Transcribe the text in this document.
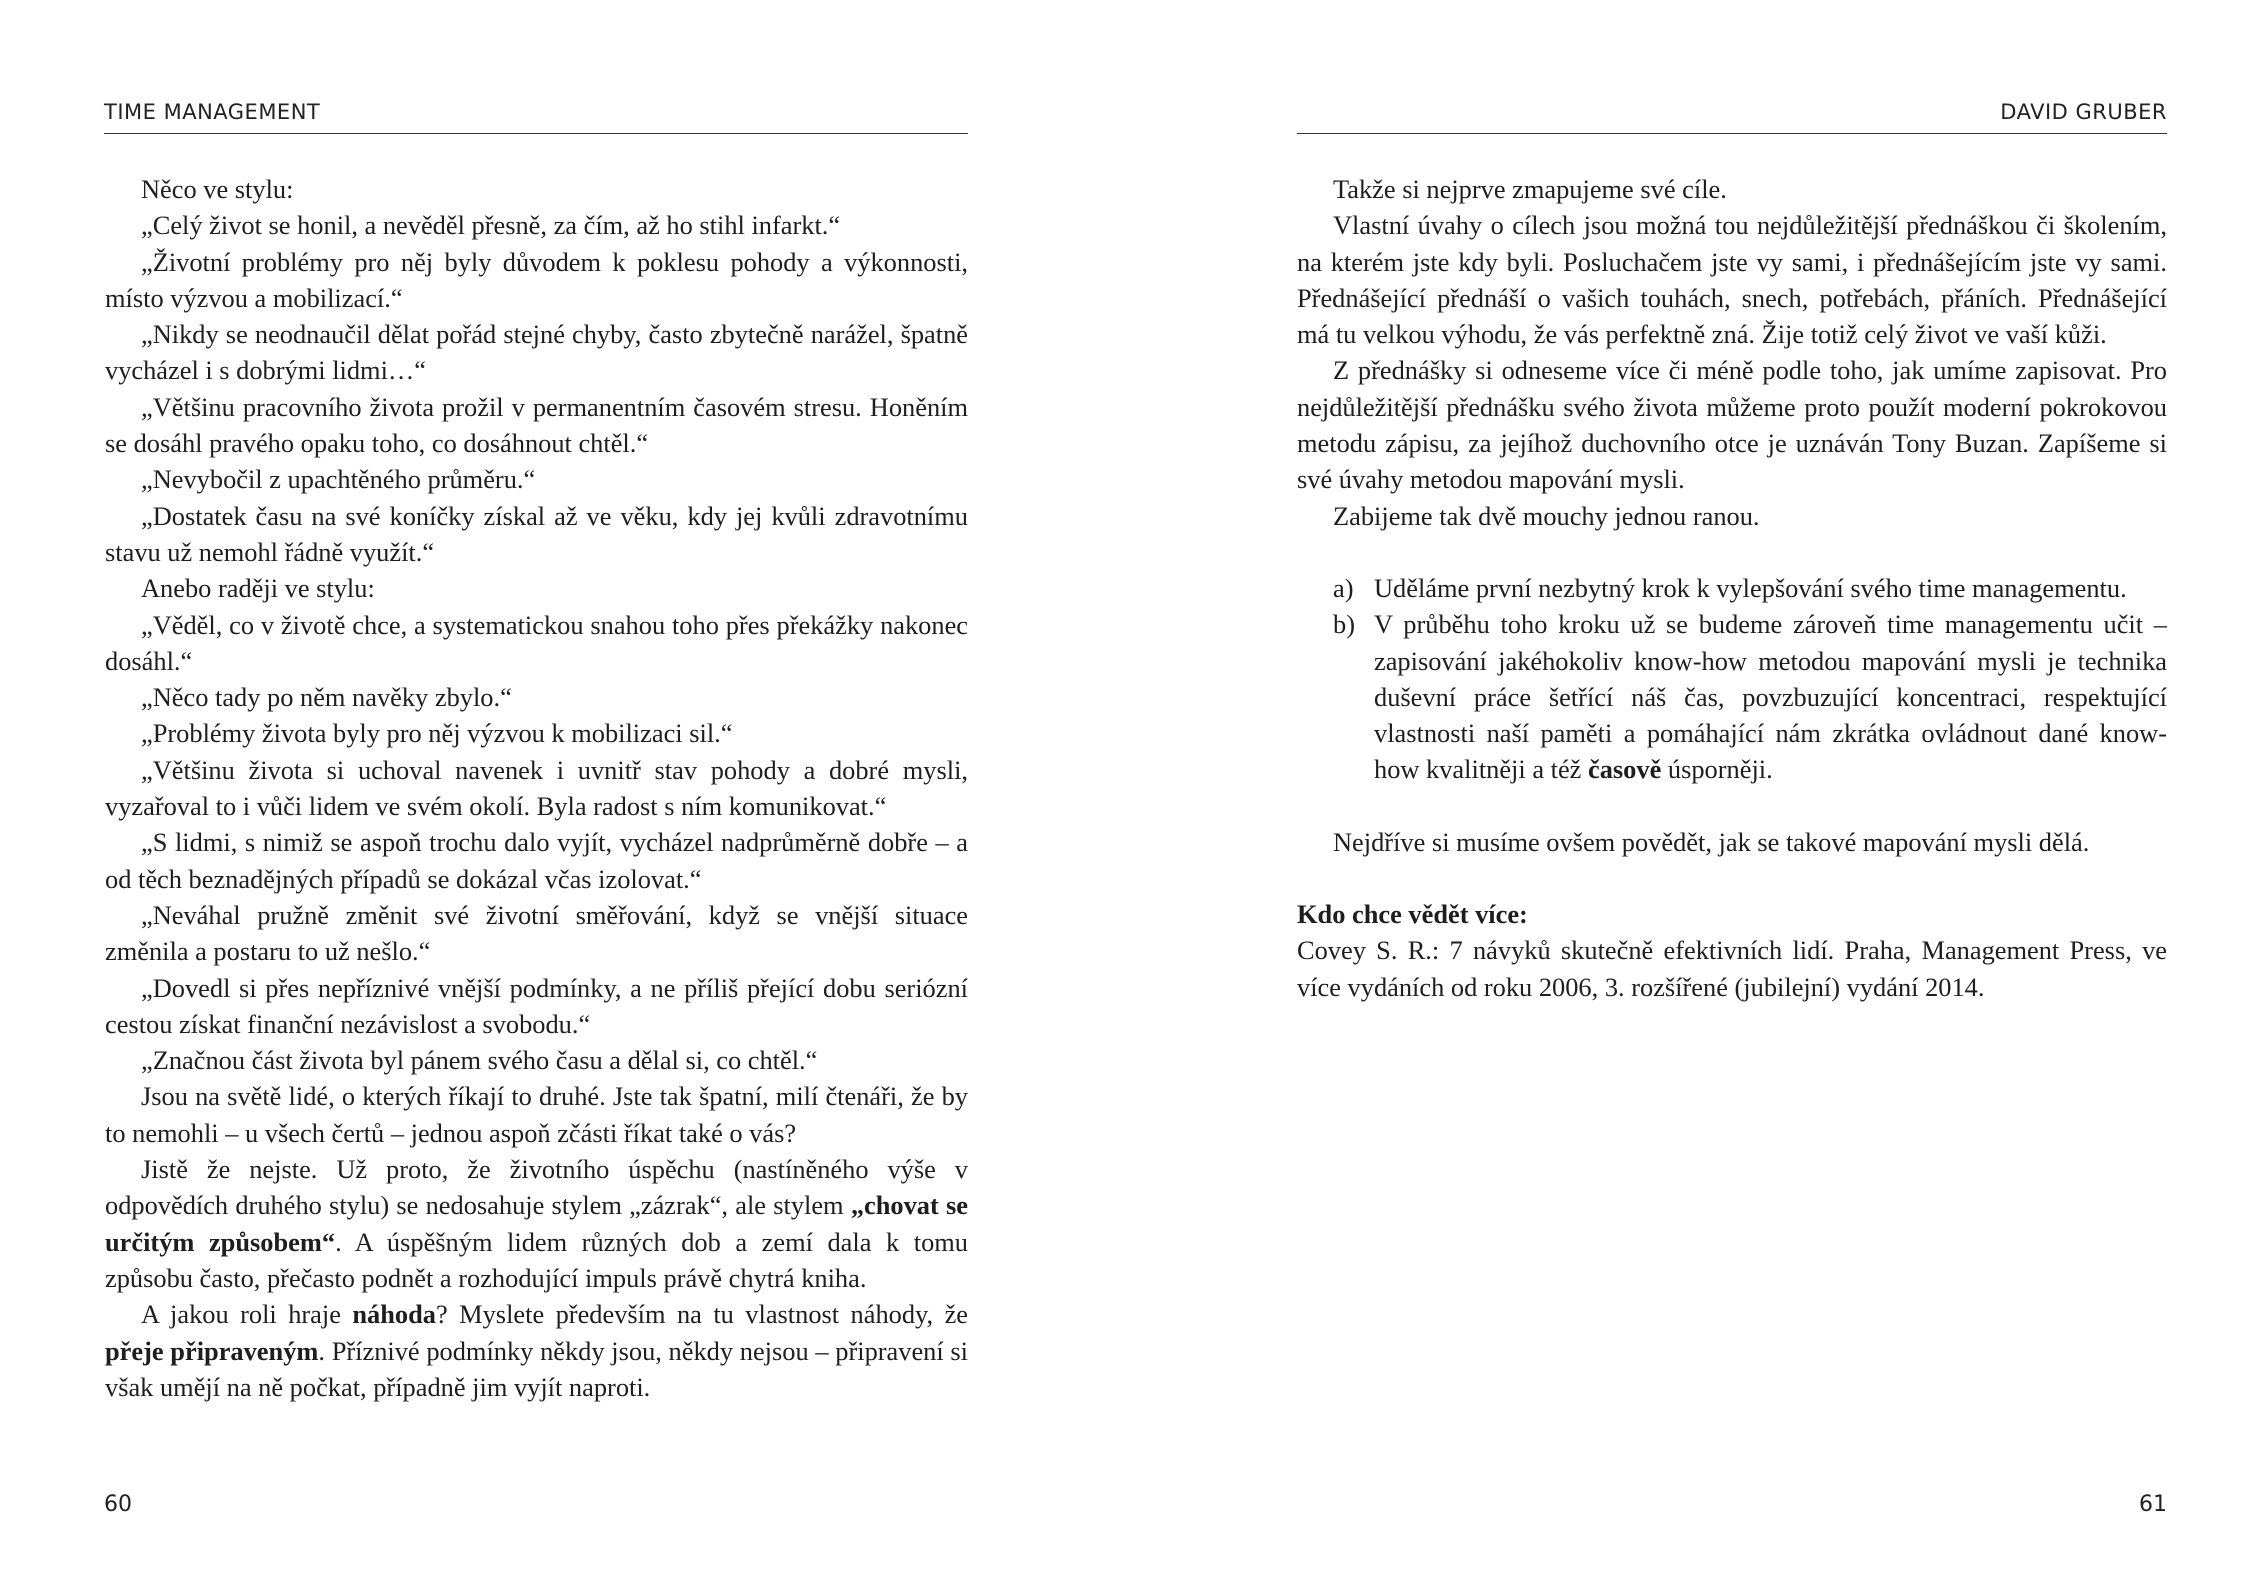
TIME MANAGEMENT

Něco ve stylu:

„Celý život se honil, a nevěděl přesně, za čím, až ho stihl infarkt.“

„Životní problémy pro něj byly důvodem k poklesu pohody a výkonnosti, místo výzvou a mobilizací.“

„Nikdy se neodnaučil dělat pořád stejné chyby, často zbytečně narážel, špatně vycházel i s dobrými lidmi…“

„Většinu pracovního života prožil v permanentním časovém stresu. Honěním se dosáhl pravého opaku toho, co dosáhnout chtěl.“

„Nevybočil z upachtěného průměru.“

„Dostatek času na své koníčky získal až ve věku, kdy jej kvůli zdravotnímu stavu už nemohl řádně využít.“

Anebo raději ve stylu:

„Věděl, co v životě chce, a systematickou snahou toho přes překážky nakonec dosáhl.“

„Něco tady po něm navěky zbylo.“

„Problémy života byly pro něj výzvou k mobilizaci sil.“

„Většinu života si uchoval navenek i uvnitř stav pohody a dobré mysli, vyzařoval to i vůči lidem ve svém okolí. Byla radost s ním komunikovat.“

„S lidmi, s nimiž se aspoň trochu dalo vyjít, vycházel nadprůměrně dobře – a od těch beznadějných případů se dokázal včas izolovat.“

„Neváhal pružně změnit své životní směřování, když se vnější situace změnila a postaru to už nešlo.“

„Dovedl si přes nepříznivé vnější podmínky, a ne příliš přející dobu seriózní cestou získat finanční nezávislost a svobodu.“

„Značnou část života byl pánem svého času a dělal si, co chtěl.“

Jsou na světě lidé, o kterých říkají to druhé. Jste tak špatní, milí čtenáři, že by to nemohli – u všech čertů – jednou aspoň zčásti říkat také o vás?

Jistě že nejste. Už proto, že životního úspěchu (nastíněného výše v odpovědích druhého stylu) se nedosahuje stylem „zázrak“, ale stylem „chovat se určitým způsobem“. A úspěšným lidem různých dob a zemí dala k tomu způsobu často, přečasto podnět a rozhodující impuls právě chytrá kniha.

A jakou roli hraje náhoda? Myslete především na tu vlastnost náhody, že přeje připraveným. Příznivé podmínky někdy jsou, někdy nejsou – připravení si však umějí na ně počkat, případně jim vyjít naproti.

60
DAVID GRUBER

Takže si nejprve zmapujeme své cíle.

Vlastní úvahy o cílech jsou možná tou nejdůležitější přednáškou či školením, na kterém jste kdy byli. Posluchačem jste vy sami, i přednášejícím jste vy sami. Přednášející přednáší o vašich touhách, snech, potřebách, přáních. Přednášející má tu velkou výhodu, že vás perfektně zná. Žije totiž celý život ve vaší kůži.

Z přednášky si odneseme více či méně podle toho, jak umíme zapisovat. Pro nejdůležitější přednášku svého života můžeme proto použít moderní pokrokovou metodu zápisu, za jejíhož duchovního otce je uznáván Tony Buzan. Zapíšeme si své úvahy metodou mapování mysli.

Zabijeme tak dvě mouchy jednou ranou.

a) Uděláme první nezbytný krok k vylepšování svého time managementu.
b) V průběhu toho kroku už se budeme zároveň time managementu učit – zapisování jakéhokoliv know-how metodou mapování mysli je technika duševní práce šetřící náš čas, povzbuzující koncentraci, respektující vlastnosti naší paměti a pomáhající nám zkrátka ovládnout dané know-how kvalitněji a též časově úsporněji.

Nejdříve si musíme ovšem povědět, jak se takové mapování mysli dělá.

Kdo chce vědět více:

Covey S. R.: 7 návyků skutečně efektivních lidí. Praha, Management Press, ve více vydáních od roku 2006, 3. rozšířené (jubilejní) vydání 2014.

61
